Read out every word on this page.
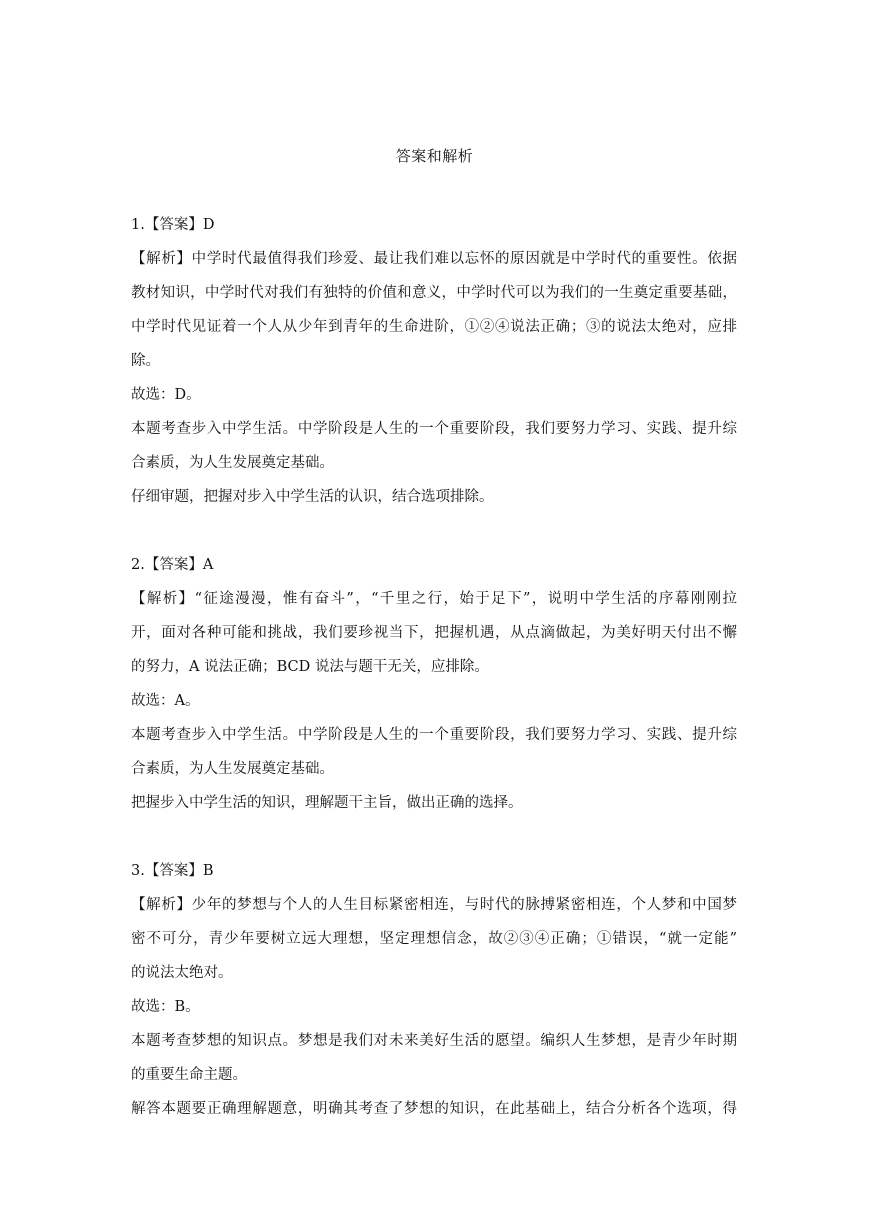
答案和解析

1.【答案】D

【解析】中学时代最值得我们珍爱、最让我们难以忘怀的原因就是中学时代的重要性。依据

教材知识，中学时代对我们有独特的价值和意义，中学时代可以为我们的一生奠定重要基础，

中学时代见证着一个人从少年到青年的生命进阶，①②④说法正确；③的说法太绝对，应排

除。

故选：D。

本题考查步入中学生活。中学阶段是人生的一个重要阶段，我们要努力学习、实践、提升综

合素质，为人生发展奠定基础。

仔细审题，把握对步入中学生活的认识，结合选项排除。

2.【答案】A

【解析】“征途漫漫，惟有奋斗”，“千里之行，始于足下”，说明中学生活的序幕刚刚拉

开，面对各种可能和挑战，我们要珍视当下，把握机遇，从点滴做起，为美好明天付出不懈

的努力，A 说法正确；BCD 说法与题干无关，应排除。

故选：A。

本题考查步入中学生活。中学阶段是人生的一个重要阶段，我们要努力学习、实践、提升综

合素质，为人生发展奠定基础。

把握步入中学生活的知识，理解题干主旨，做出正确的选择。

3.【答案】B

【解析】少年的梦想与个人的人生目标紧密相连，与时代的脉搏紧密相连，个人梦和中国梦

密不可分，青少年要树立远大理想，坚定理想信念，故②③④正确；①错误，“就一定能”

的说法太绝对。

故选：B。

本题考查梦想的知识点。梦想是我们对未来美好生活的愿望。编织人生梦想，是青少年时期

的重要生命主题。

解答本题要正确理解题意，明确其考查了梦想的知识，在此基础上，结合分析各个选项，得
